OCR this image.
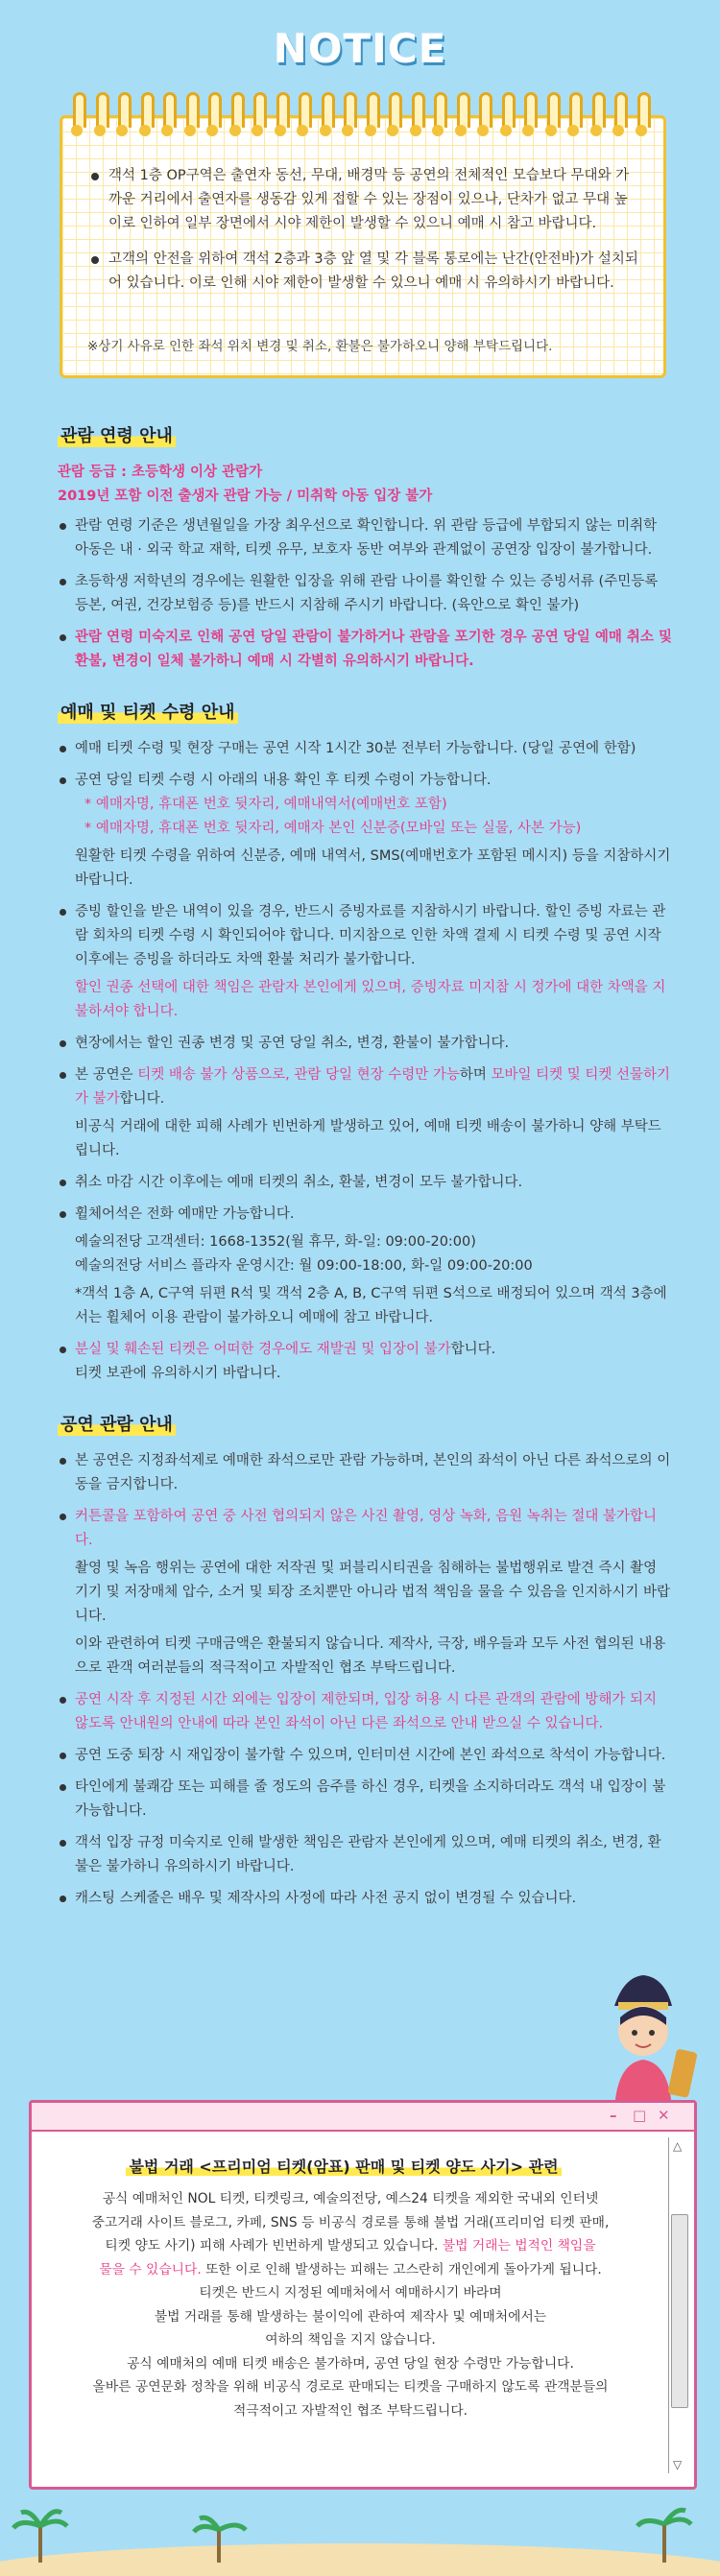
NOTICE
객석 1층 OP구역은 출연자 동선, 무대, 배경막 등 공연의 전체적인 모습보다 무대와 가까운 거리에서 출연자를 생동감 있게 접할 수 있는 장점이 있으나, 단차가 없고 무대 높이로 인하여 일부 장면에서 시야 제한이 발생할 수 있으니 예매 시 참고 바랍니다.
고객의 안전을 위하여 객석 2층과 3층 앞 열 및 각 블록 통로에는 난간(안전바)가 설치되어 있습니다. 이로 인해 시야 제한이 발생할 수 있으니 예매 시 유의하시기 바랍니다.
※상기 사유로 인한 좌석 위치 변경 및 취소, 환불은 불가하오니 양해 부탁드립니다.
관람 연령 안내
관람 등급 : 초등학생 이상 관람가
2019년 포함 이전 출생자 관람 가능 / 미취학 아동 입장 불가
관람 연령 기준은 생년월일을 가장 최우선으로 확인합니다. 위 관람 등급에 부합되지 않는 미취학 아동은 내 · 외국 학교 재학, 티켓 유무, 보호자 동반 여부와 관계없이 공연장 입장이 불가합니다.
초등학생 저학년의 경우에는 원활한 입장을 위해 관람 나이를 확인할 수 있는 증빙서류 (주민등록 등본, 여권, 건강보험증 등)를 반드시 지참해 주시기 바랍니다. (육안으로 확인 불가)
관람 연령 미숙지로 인해 공연 당일 관람이 불가하거나 관람을 포기한 경우 공연 당일 예매 취소 및 환불, 변경이 일체 불가하니 예매 시 각별히 유의하시기 바랍니다.
예매 및 티켓 수령 안내
예매 티켓 수령 및 현장 구매는 공연 시작 1시간 30분 전부터 가능합니다. (당일 공연에 한함)
공연 당일 티켓 수령 시 아래의 내용 확인 후 티켓 수령이 가능합니다.
* 예매자명, 휴대폰 번호 뒷자리, 예매내역서(예매번호 포함)
* 예매자명, 휴대폰 번호 뒷자리, 예매자 본인 신분증(모바일 또는 실물, 사본 가능)
원활한 티켓 수령을 위하여 신분증, 예매 내역서, SMS(예매번호가 포함된 메시지) 등을 지참하시기 바랍니다.
증빙 할인을 받은 내역이 있을 경우, 반드시 증빙자료를 지참하시기 바랍니다. 할인 증빙 자료는 관람 회차의 티켓 수령 시 확인되어야 합니다. 미지참으로 인한 차액 결제 시 티켓 수령 및 공연 시작 이후에는 증빙을 하더라도 차액 환불 처리가 불가합니다.
할인 권종 선택에 대한 책임은 관람자 본인에게 있으며, 증빙자료 미지참 시 정가에 대한 차액을 지불하셔야 합니다.
현장에서는 할인 권종 변경 및 공연 당일 취소, 변경, 환불이 불가합니다.
본 공연은 티켓 배송 불가 상품으로, 관람 당일 현장 수령만 가능하며 모바일 티켓 및 티켓 선물하기가 불가합니다.
비공식 거래에 대한 피해 사례가 빈번하게 발생하고 있어, 예매 티켓 배송이 불가하니 양해 부탁드립니다.
취소 마감 시간 이후에는 예매 티켓의 취소, 환불, 변경이 모두 불가합니다.
휠체어석은 전화 예매만 가능합니다.
예술의전당 고객센터: 1668-1352(월 휴무, 화-일: 09:00-20:00)
예술의전당 서비스 플라자 운영시간: 월 09:00-18:00, 화-일 09:00-20:00
*객석 1층 A, C구역 뒤편 R석 및 객석 2층 A, B, C구역 뒤편 S석으로 배정되어 있으며 객석 3층에서는 휠체어 이용 관람이 불가하오니 예매에 참고 바랍니다.
분실 및 훼손된 티켓은 어떠한 경우에도 재발권 및 입장이 불가합니다.
티켓 보관에 유의하시기 바랍니다.
공연 관람 안내
본 공연은 지정좌석제로 예매한 좌석으로만 관람 가능하며, 본인의 좌석이 아닌 다른 좌석으로의 이동을 금지합니다.
커튼콜을 포함하여 공연 중 사전 협의되지 않은 사진 촬영, 영상 녹화, 음원 녹취는 절대 불가합니다.
촬영 및 녹음 행위는 공연에 대한 저작권 및 퍼블리시티권을 침해하는 불법행위로 발견 즉시 촬영 기기 및 저장매체 압수, 소거 및 퇴장 조치뿐만 아니라 법적 책임을 물을 수 있음을 인지하시기 바랍니다.
이와 관련하여 티켓 구매금액은 환불되지 않습니다. 제작사, 극장, 배우들과 모두 사전 협의된 내용으로 관객 여러분들의 적극적이고 자발적인 협조 부탁드립니다.
공연 시작 후 지정된 시간 외에는 입장이 제한되며, 입장 허용 시 다른 관객의 관람에 방해가 되지 않도록 안내원의 안내에 따라 본인 좌석이 아닌 다른 좌석으로 안내 받으실 수 있습니다.
공연 도중 퇴장 시 재입장이 불가할 수 있으며, 인터미션 시간에 본인 좌석으로 착석이 가능합니다.
타인에게 불쾌감 또는 피해를 줄 정도의 음주를 하신 경우, 티켓을 소지하더라도 객석 내 입장이 불가능합니다.
객석 입장 규정 미숙지로 인해 발생한 책임은 관람자 본인에게 있으며, 예매 티켓의 취소, 변경, 환불은 불가하니 유의하시기 바랍니다.
캐스팅 스케줄은 배우 및 제작사의 사정에 따라 사전 공지 없이 변경될 수 있습니다.
– □ ✕
불법 거래 <프리미엄 티켓(암표) 판매 및 티켓 양도 사기> 관련
공식 예매처인 NOL 티켓, 티켓링크, 예술의전당, 예스24 티켓을 제외한 국내외 인터넷
중고거래 사이트 블로그, 카페, SNS 등 비공식 경로를 통해 불법 거래(프리미엄 티켓 판매,
티켓 양도 사기) 피해 사례가 빈번하게 발생되고 있습니다. 불법 거래는 법적인 책임을
물을 수 있습니다. 또한 이로 인해 발생하는 피해는 고스란히 개인에게 돌아가게 됩니다.
티켓은 반드시 지정된 예매처에서 예매하시기 바라며
불법 거래를 통해 발생하는 불이익에 관하여 제작사 및 예매처에서는
여하의 책임을 지지 않습니다.
공식 예매처의 예매 티켓 배송은 불가하며, 공연 당일 현장 수령만 가능합니다.
올바른 공연문화 정착을 위해 비공식 경로로 판매되는 티켓을 구매하지 않도록 관객분들의
적극적이고 자발적인 협조 부탁드립니다.
△
▽
